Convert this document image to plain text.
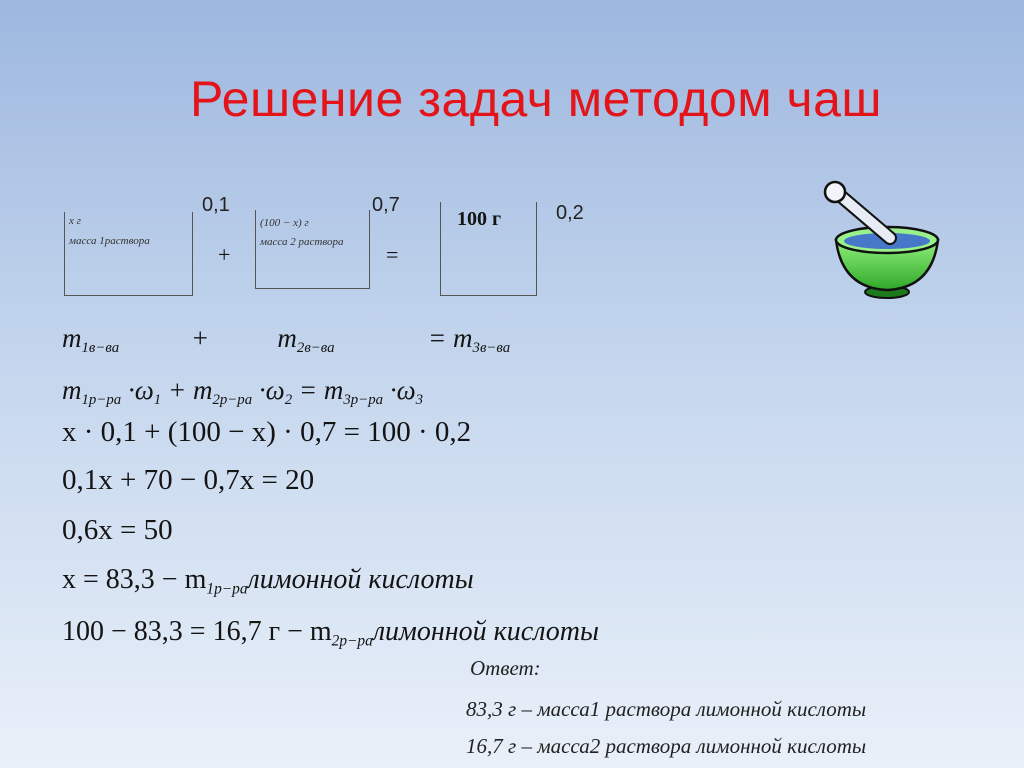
Решение задач методом чаш
x г
масса 1раствора
0,1
+
(100 − x) г
масса 2 раствора
0,7
=
100 г	0,2
$m_{1в-ва}$	+	$m_{2в-ва}$	= $m_{3в-ва}$
$m_{1р-ра} \cdot\omega_1 + m_{2р-ра} \cdot\omega_2 = m_{3р-ра} \cdot\omega_3$
x · 0,1 + (100 − x) · 0,7 = 100 · 0,2
0,1x + 70 − 0,7x = 20
0,6x = 50
$x = 83,3 - m_{1р-ра}лимонной$ кислоты
100 − 83,3 = 16,7 $г - m_{2р-ра}лимонной$ кислоты
Ответ:
83,3 г – масса1 раствора лимонной кислоты
16,7 г – масса2 раствора лимонной кислоты
